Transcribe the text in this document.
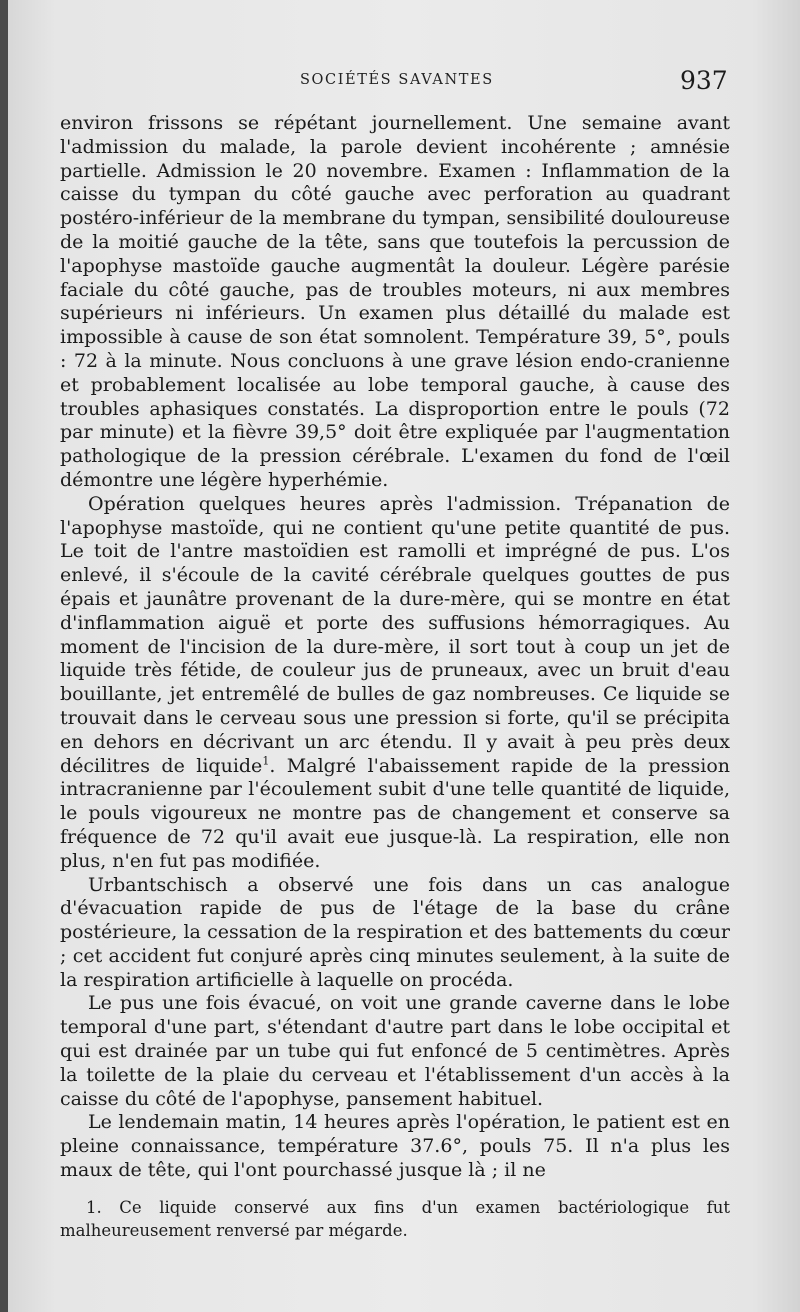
SOCIÉTÉS SAVANTES	937

environ frissons se répétant journellement. Une semaine avant l'admission du malade, la parole devient incohérente ; amnésie partielle. Admission le 20 novembre. Examen : Inflammation de la caisse du tympan du côté gauche avec perforation au quadrant postéro-inférieur de la membrane du tympan, sensibilité douloureuse de la moitié gauche de la tête, sans que toutefois la percussion de l'apophyse mastoïde gauche augmentât la douleur. Légère parésie faciale du côté gauche, pas de troubles moteurs, ni aux membres supérieurs ni inférieurs. Un examen plus détaillé du malade est impossible à cause de son état somnolent. Température 39, 5°, pouls : 72 à la minute. Nous concluons à une grave lésion endo-cranienne et probablement localisée au lobe temporal gauche, à cause des troubles aphasiques constatés. La disproportion entre le pouls (72 par minute) et la fièvre 39,5° doit être expliquée par l'augmentation pathologique de la pression cérébrale. L'examen du fond de l'œil démontre une légère hyperhémie.

Opération quelques heures après l'admission. Trépanation de l'apophyse mastoïde, qui ne contient qu'une petite quantité de pus. Le toit de l'antre mastoïdien est ramolli et imprégné de pus. L'os enlevé, il s'écoule de la cavité cérébrale quelques gouttes de pus épais et jaunâtre provenant de la dure-mère, qui se montre en état d'inflammation aiguë et porte des suffusions hémorragiques. Au moment de l'incision de la dure-mère, il sort tout à coup un jet de liquide très fétide, de couleur jus de pruneaux, avec un bruit d'eau bouillante, jet entremêlé de bulles de gaz nombreuses. Ce liquide se trouvait dans le cerveau sous une pression si forte, qu'il se précipita en dehors en décrivant un arc étendu. Il y avait à peu près deux décilitres de liquide$^1$. Malgré l'abaissement rapide de la pression intracranienne par l'écoulement subit d'une telle quantité de liquide, le pouls vigoureux ne montre pas de changement et conserve sa fréquence de 72 qu'il avait eue jusque-là. La respiration, elle non plus, n'en fut pas modifiée.

Urbantschisch a observé une fois dans un cas analogue d'évacuation rapide de pus de l'étage de la base du crâne postérieure, la cessation de la respiration et des battements du cœur ; cet accident fut conjuré après cinq minutes seulement, à la suite de la respiration artificielle à laquelle on procéda.

Le pus une fois évacué, on voit une grande caverne dans le lobe temporal d'une part, s'étendant d'autre part dans le lobe occipital et qui est drainée par un tube qui fut enfoncé de 5 centimètres. Après la toilette de la plaie du cerveau et l'établissement d'un accès à la caisse du côté de l'apophyse, pansement habituel.

Le lendemain matin, 14 heures après l'opération, le patient est en pleine connaissance, température 37.6°, pouls 75. Il n'a plus les maux de tête, qui l'ont pourchassé jusque là ; il ne

1. Ce liquide conservé aux fins d'un examen bactériologique fut malheureusement renversé par mégarde.
